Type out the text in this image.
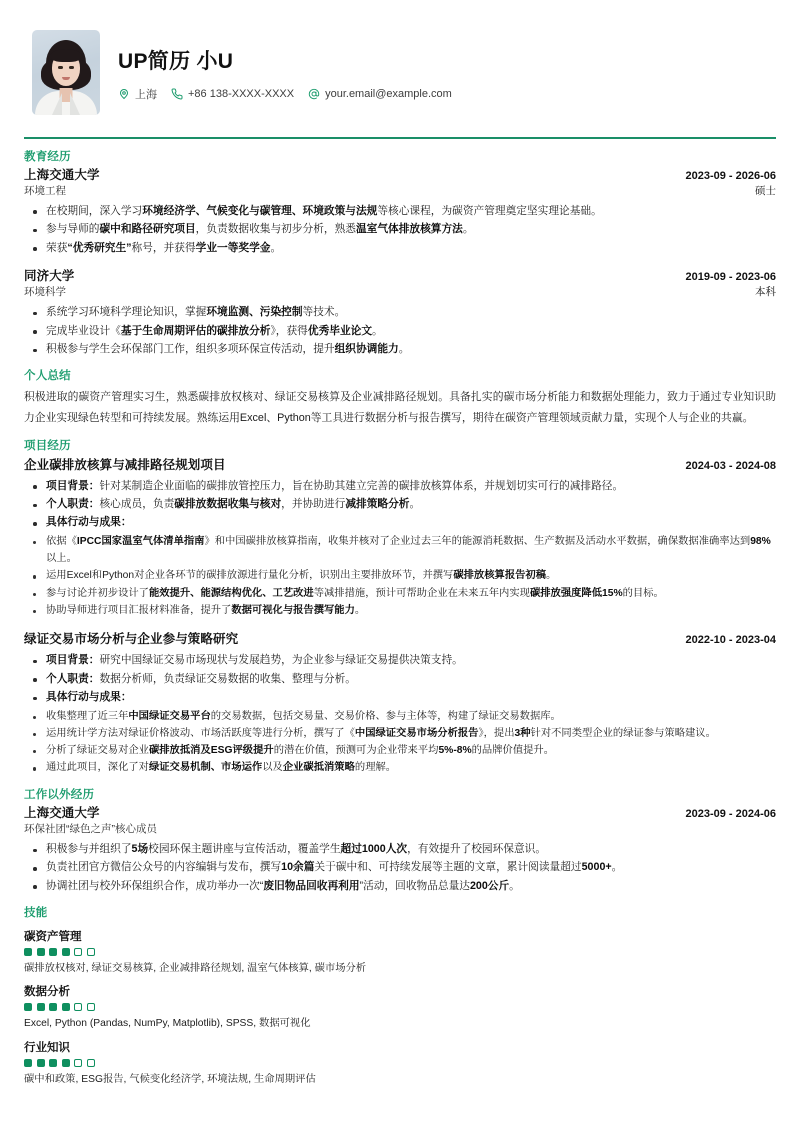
UP简历 小U
上海	+86 138-XXXX-XXXX	your.email@example.com
教育经历
上海交通大学	2023-09 - 2026-06
环境工程	硕士
在校期间，深入学习环境经济学、气候变化与碳管理、环境政策与法规等核心课程，为碳资产管理奠定坚实理论基础。
参与导师的碳中和路径研究项目，负责数据收集与初步分析，熟悉温室气体排放核算方法。
荣获“优秀研究生”称号，并获得学业一等奖学金。
同济大学	2019-09 - 2023-06
环境科学	本科
系统学习环境科学理论知识，掌握环境监测、污染控制等技术。
完成毕业设计《基于生命周期评估的碳排放分析》，获得优秀毕业论文。
积极参与学生会环保部门工作，组织多项环保宣传活动，提升组织协调能力。
个人总结
积极进取的碳资产管理实习生，熟悉碳排放权核对、绿证交易核算及企业减排路径规划。具备扎实的碳市场分析能力和数据处理能力，致力于通过专业知识助力企业实现绿色转型和可持续发展。熟练运用Excel、Python等工具进行数据分析与报告撰写，期待在碳资产管理领域贡献力量，实现个人与企业的共赢。
项目经历
企业碳排放核算与减排路径规划项目	2024-03 - 2024-08
项目背景：针对某制造企业面临的碳排放管控压力，旨在协助其建立完善的碳排放核算体系，并规划切实可行的减排路径。
个人职责：核心成员，负责碳排放数据收集与核对，并协助进行减排策略分析。
具体行动与成果：
依据《IPCC国家温室气体清单指南》和中国碳排放核算指南，收集并核对了企业过去三年的能源消耗数据、生产数据及活动水平数据，确保数据准确率达到98%以上。
运用Excel和Python对企业各环节的碳排放源进行量化分析，识别出主要排放环节，并撰写碳排放核算报告初稿。
参与讨论并初步设计了能效提升、能源结构优化、工艺改进等减排措施，预计可帮助企业在未来五年内实现碳排放强度降低15%的目标。
协助导师进行项目汇报材料准备，提升了数据可视化与报告撰写能力。
绿证交易市场分析与企业参与策略研究	2022-10 - 2023-04
项目背景：研究中国绿证交易市场现状与发展趋势，为企业参与绿证交易提供决策支持。
个人职责：数据分析师，负责绿证交易数据的收集、整理与分析。
具体行动与成果：
收集整理了近三年中国绿证交易平台的交易数据，包括交易量、交易价格、参与主体等，构建了绿证交易数据库。
运用统计学方法对绿证价格波动、市场活跃度等进行分析，撰写了《中国绿证交易市场分析报告》，提出3种针对不同类型企业的绿证参与策略建议。
分析了绿证交易对企业碳排放抵消及ESG评级提升的潜在价值，预测可为企业带来平均5%-8%的品牌价值提升。
通过此项目，深化了对绿证交易机制、市场运作以及企业碳抵消策略的理解。
工作以外经历
上海交通大学	2023-09 - 2024-06
环保社团“绿色之声”核心成员
积极参与并组织了5场校园环保主题讲座与宣传活动，覆盖学生超过1000人次，有效提升了校园环保意识。
负责社团官方微信公众号的内容编辑与发布，撰写10余篇关于碳中和、可持续发展等主题的文章，累计阅读量超过5000+。
协调社团与校外环保组织合作，成功举办一次“废旧物品回收再利用”活动，回收物品总量达200公斤。
技能
碳资产管理
碳排放权核对, 绿证交易核算, 企业减排路径规划, 温室气体核算, 碳市场分析
数据分析
Excel, Python (Pandas, NumPy, Matplotlib), SPSS, 数据可视化
行业知识
碳中和政策, ESG报告, 气候变化经济学, 环境法规, 生命周期评估
